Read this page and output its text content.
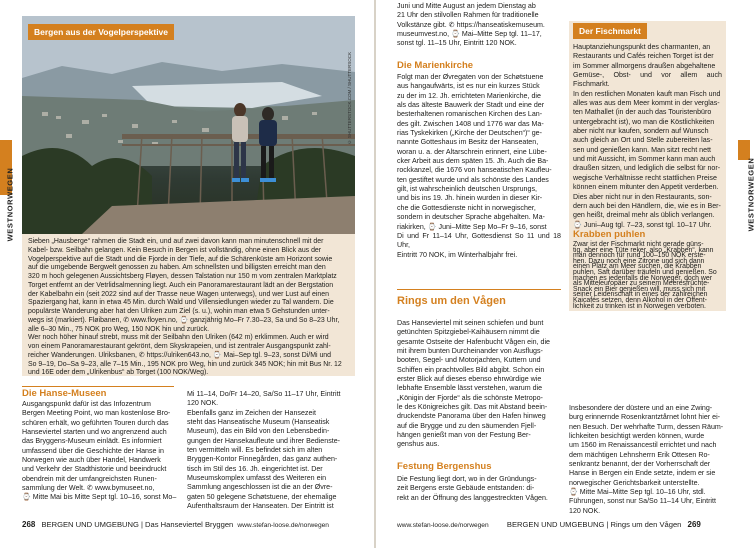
WESTNORWEGEN
Bergen aus der Vogelperspektive
© SHUTTERSTOCK.COM / SHUTTERSOCK

Sieben „Hausberge“ rahmen die Stadt ein, und auf zwei davon kann man minutenschnell mit der

Kabel- bzw. Seilbahn gelangen. Kein Besuch in Bergen ist vollständig, ohne einen Blick aus der

Vogelperspektive auf die Stadt und die Fjorde in der Tiefe, auf die Schärenküste am Horizont sowie

auf die umgebende Bergwelt genossen zu haben. Am schnellsten und billigsten erreicht man den

320 m hoch gelegenen Aussichtsberg Fløyen, dessen Talstation nur 150 m vom zentralen Marktplatz

Torget entfernt an der Vetrlidsalmenning liegt. Auch ein Panoramarestaurant lädt an der Bergstation

der Kabelbahn ein (seit 2022 sind auf der Trasse neue Wagen unterwegs), und wer Lust auf einen

Spaziergang hat, kann in etwa 45 Min. durch Wald und Villensiedlungen wieder zu Tal wandern. Die

populärste Wanderung aber hat den Ulriken zum Ziel (s. u.), wohin man etwa 5 Gehstunden unter-

wegs ist (markiert). Fløibanen, ✆ www.floyen.no, ⌚ ganzjährig Mo–Fr 7.30–23, Sa und So 8–23 Uhr,

alle 6–30 Min., 75 NOK pro Weg, 150 NOK hin und zurück.

Wer noch höher hinauf strebt, muss mit der Seilbahn den Ulriken (642 m) erklimmen. Auch er wird

von einem Panoramarestaurant gekrönt, dem Skyskrapeien, und ist zentraler Ausgangspunkt zahl-

reicher Wanderungen. Ulriksbanen, ✆ https://ulriken643.no, ⌚ Mai–Sep tgl. 9–23, sonst Di/Mi und

So 9–19, Do–Sa 9–23, alle 7–15 Min., 195 NOK pro Weg, hin und zurück 345 NOK; hin mit Bus Nr. 12

und 16E oder dem „Ulrikenbus“ ab Torget (100 NOK/Weg).

Die Hanse-Museen

Ausgangspunkt dafür ist das Infozentrum

Bergen Meeting Point, wo man kostenlose Bro-

schüren erhält, wo geführten Touren durch das

Hanseviertel starten und wo angrenzend auch

das Bryggens-Museum einlädt. Es informiert

umfassend über die Geschichte der Hanse in

Norwegen wie auch über Handel, Handwerk

und Verkehr der Stadthistorie und beeindruckt

obendrein mit der umfangreichsten Runen-

sammlung der Welt. ✆ www.bymuseet.no,

⌚ Mitte Mai bis Mitte Sept tgl. 10–16, sonst Mo–

Mi 11–14, Do/Fr 14–20, Sa/So 11–17 Uhr, Eintritt

120 NOK.

Ebenfalls ganz im Zeichen der Hansezeit

steht das Hanseatische Museum (Hanseatisk

Museum), das ein Bild von den Lebensbedin-

gungen der Hansekaufleute und ihrer Bedienste-

ten vermitteln will. Es befindet sich im alten

Bryggen-Kontor Finnegården, das ganz authen-

tisch im Stil des 16. Jh. eingerichtet ist. Der

Museumskomplex umfasst des Weiteren ein

Sammlung angeschlossen ist die an der Øvre-

gaten 50 gelegene Schøtstuene, der ehemalige

Aufenthaltsraum der Hanseaten. Der Eintritt ist

268 BERGEN UND UMGEBUNG | Das Hanseviertel Bryggen www.stefan-loose.de/norwegen
WESTNORWEGEN

Juni und Mitte August an jedem Dienstag ab

21 Uhr den stilvollen Rahmen für traditionelle

Volkstänze gibt. ✆ https://hanseatiskemuseum.

museumvest.no, ⌚ Mai–Mitte Sep tgl. 11–17,

sonst tgl. 11–15 Uhr, Eintritt 120 NOK.

Die Marienkirche

Folgt man der Øvregaten von der Schøtstuene

aus hangaufwärts, ist es nur ein kurzes Stück

zu der im 12. Jh. errichteten Marienkirche, die

als das älteste Bauwerk der Stadt und eine der

besterhaltenen romanischen Kirchen des Lan-

des gilt. Zwischen 1408 und 1776 war das Ma-

rias Tyskekirken („Kirche der Deutschen“)“ ge-

nannte Gotteshaus im Besitz der Hanseaten,

woran u. a. der Altarschrein erinnert, eine Lübe-

cker Arbeit aus dem späten 15. Jh. Auch die Ba-

rockkanzel, die 1676 von hanseatischen Kaufleu-

ten gestiftet wurde und als schönste des Landes

gilt, ist wahrscheinlich deutschen Ursprungs,

und bis ins 19. Jh. hinein wurden in dieser Kir-

che die Gottesdienste nicht in norwegischer,

sondern in deutscher Sprache abgehalten. Ma-

riakirken, ⌚ Juni–Mitte Sep Mo–Fr 9–16, sonst

Di und Fr 11–14 Uhr, Gottesdienst So 11 und 18 Uhr,

Eintritt 70 NOK, im Winterhalbjahr frei.

Rings um den Vågen

Das Hanseviertel mit seinen schiefen und bunt

getünchten Spitzgiebel-Kaihäusern nimmt die

gesamte Ostseite der Hafenbucht Vågen ein, die

mit ihrem bunten Durcheinander von Ausflugs-

booten, Segel- und Motorjachten, Kuttern und

Schiffen ein prachtvolles Bild abgibt. Schon ein

erster Blick auf dieses ebenso ehrwürdige wie

lebhafte Ensemble lässt verstehen, warum die

„Königin der Fjorde“ als die schönste Metropo-

le des Königreiches gilt. Das mit Abstand beein-

druckendste Panorama über den Hafen hinweg

auf die Brygge und zu den säumenden Fjell-

hängen genießt man von der Festung Ber-

genshus aus.

Festung Bergenshus

Die Festung liegt dort, wo in der Gründungs-

zeit Bergens erste Gebäude entstanden: di-

rekt an der Öffnung des langgestreckten Vågen.

Der Fischmarkt

Hauptanziehungspunkt des charmanten, an

Restaurants und Cafés reichen Torget ist der

im Sommer allmorgens draußen abgehaltene

Gemüse-, Obst- und vor allem auch Fischmarkt.

In den restlichen Monaten kauft man Fisch und

alles was aus dem Meer kommt in der verglas-

ten Mathallet (in der auch das Touristenbüro

untergebracht ist), wo man die Köstlichkeiten

aber nicht nur kaufen, sondern auf Wunsch

auch gleich an Ort und Stelle zubereiten las-

sen und genießen kann. Man sitzt recht nett

und mit Aussicht, im Sommer kann man auch

draußen sitzen, und lediglich die selbst für nor-

wegische Verhältnisse recht stattlichen Preise

können einem mitunter den Appetit verderben.

Dies aber nicht nur in den Restaurants, son-

dern auch bei den Händlern, die, wie es in Ber-

gen heißt, dreimal mehr als üblich verlangen.

⌚ Juni–Aug tgl. 7–23, sonst tgl. 10–17 Uhr.

Krabben puhlen

Zwar ist der Fischmarkt nicht gerade güns-

tig, aber eine Tüte reker, also „Krabben“, kann

man dennoch für rund 100–150 NOK erste-

hen. Dazu noch eine Zitrone und sich dann

einen Platz am Meer suchen, die Krabben

puhlen, Saft darüber träufeln und genießen. So

machen es jedenfalls die Norweger, doch wer

als Mitteleuropäer zu seinem Meeresfrüchte-

Snack ein Bier genießen will, muss sich mit

seiner Leidenschaft in eines der zahlreichen

Kaicafés setzen, denn Alkohol in der Öffent-

lichkeit zu trinken ist in Norwegen verboten.

Insbesondere der düstere und an eine Zwing-

burg erinnernde Rosenkrantztårnet lohnt hier ei-

nen Besuch. Der wehrhafte Turm, dessen Räum-

lichkeiten besichtigt werden können, wurde

um 1560 im Renaissancestil errichtet und nach

dem mächtigen Lehnsherrn Erik Ottesen Ro-

senkrantz benannt, der der Vorherrschaft der

Hanse in Bergen ein Ende setzte, indem er sie

norwegischer Gerichtsbarkeit unterstellte.

⌚ Mitte Mai–Mitte Sep tgl. 10–16 Uhr, stdl.

Führungen, sonst nur Sa/So 11–14 Uhr, Eintritt

120 NOK.

www.stefan-loose.de/norwegen BERGEN UND UMGEBUNG | Rings um den Vågen 269
